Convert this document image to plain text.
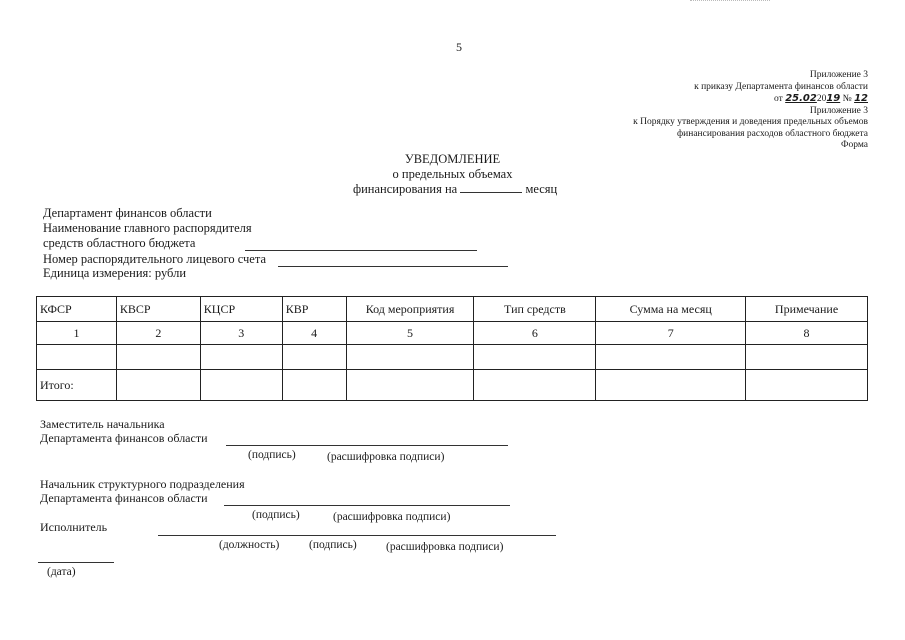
5
Приложение 3
к приказу Департамента финансов области
от 25.022019 № 12
Приложение 3
к Порядку утверждения и доведения предельных объемов
финансирования расходов областного бюджета
Форма
УВЕДОМЛЕНИЕ
о предельных объемах
финансирования на	месяц
Департамент финансов области
Наименование главного распорядителя
средств областного бюджета
Номер распорядительного лицевого счета
Единица измерения: рубли
КФСР	КВСР	КЦСР	КВР	Код мероприятия	Тип средств	Сумма на месяц	Примечание
1	2	3	4	5	6	7	8

Итого:							
Заместитель начальника
Департамента финансов области
(подпись)	(расшифровка подписи)
Начальник структурного подразделения
Департамента финансов области
(подпись)	(расшифровка подписи)
Исполнитель
(должность)	(подпись)	(расшифровка подписи)
(дата)
